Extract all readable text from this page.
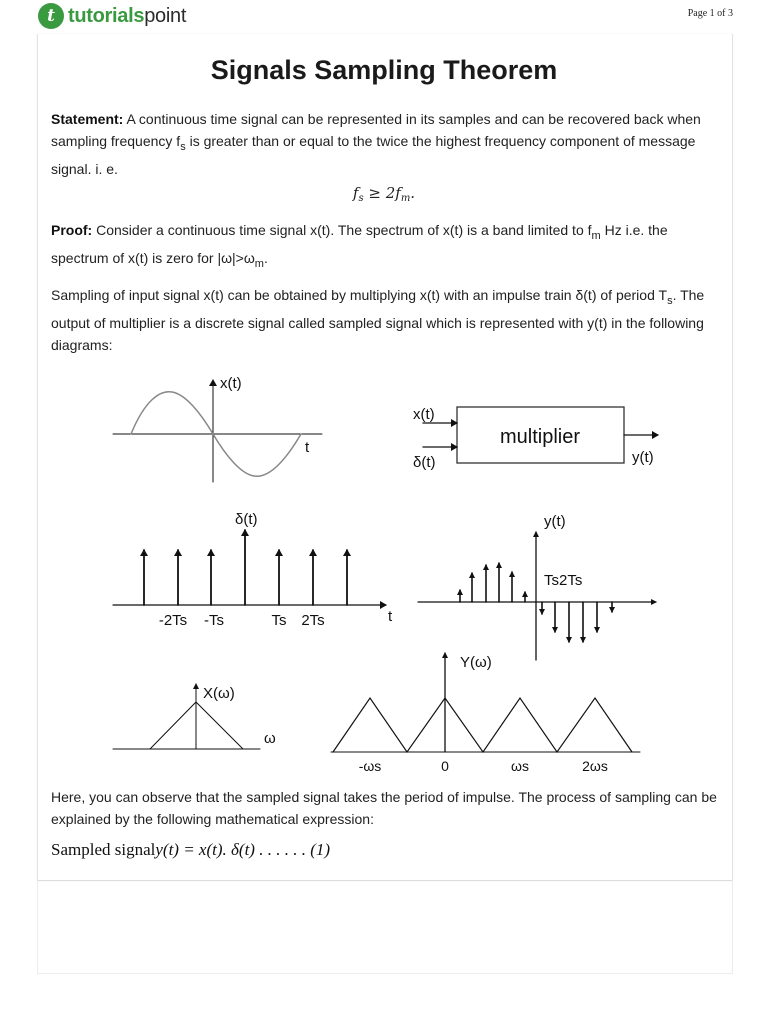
t tutorialspoint	Page 1 of 3
Signals Sampling Theorem
Statement: A continuous time signal can be represented in its samples and can be recovered back when sampling frequency $f_s$ is greater than or equal to the twice the highest frequency component of message signal. i. e.
$f_s \ge 2f_m$.
Proof: Consider a continuous time signal x(t). The spectrum of x(t) is a band limited to $f_m$ Hz i.e. the spectrum of x(t) is zero for $|\omega|>\omega_m$.
Sampling of input signal x(t) can be obtained by multiplying x(t) with an impulse train δ(t) of period $T_s$. The output of multiplier is a discrete signal called sampled signal which is represented with y(t) in the following diagrams:
x(t)
t
x(t)
δ(t)
multiplier
y(t)
δ(t)
-2Ts -Ts	Ts 2Ts	t
y(t)
Ts2Ts
X(ω)
ω
Y(ω)
-ωs	0	ωs	2ωs
Here, you can observe that the sampled signal takes the period of impulse. The process of sampling can be explained by the following mathematical expression:
Sampled signaly(t) = x(t). δ(t) . . . . . . (1)
